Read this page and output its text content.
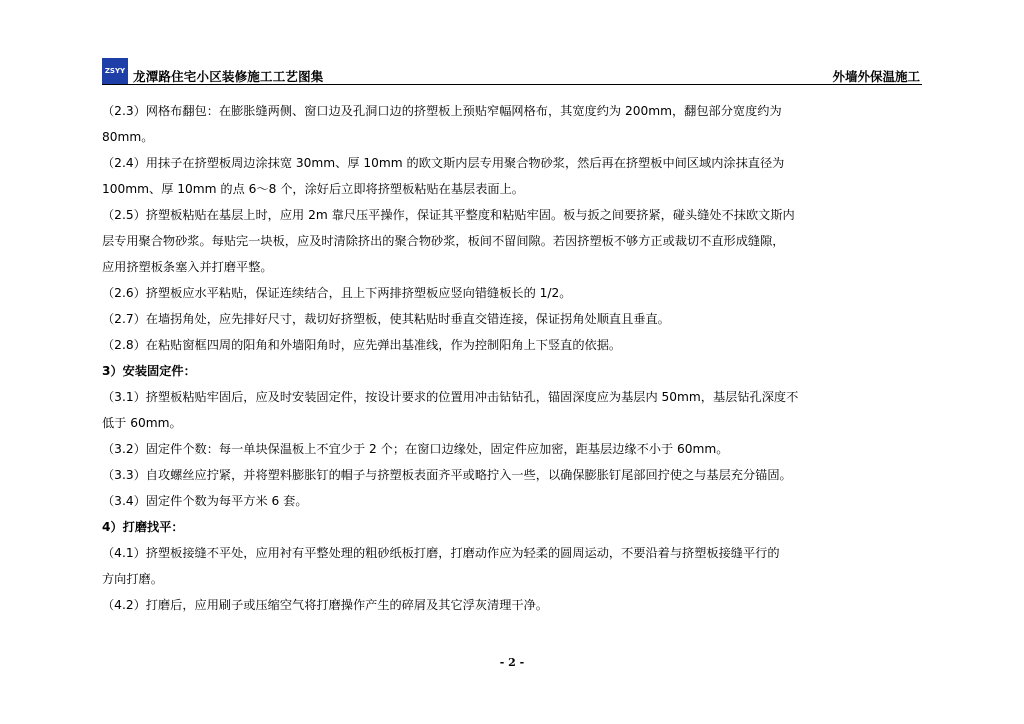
ZSYY 龙潭路住宅小区装修施工工艺图集	外墙外保温施工
（2.3）网格布翻包：在膨胀缝两侧、窗口边及孔洞口边的挤塑板上预贴窄幅网格布，其宽度约为 200mm，翻包部分宽度约为
80mm。
（2.4）用抹子在挤塑板周边涂抹宽 30mm、厚 10mm 的欧文斯内层专用聚合物砂浆，然后再在挤塑板中间区域内涂抹直径为
100mm、厚 10mm 的点 6～8 个，涂好后立即将挤塑板粘贴在基层表面上。
（2.5）挤塑板粘贴在基层上时，应用 2m 靠尺压平操作，保证其平整度和粘贴牢固。板与扳之间要挤紧，碰头缝处不抹欧文斯内
层专用聚合物砂浆。每贴完一块板，应及时清除挤出的聚合物砂浆，板间不留间隙。若因挤塑板不够方正或裁切不直形成缝隙，
应用挤塑板条塞入并打磨平整。
（2.6）挤塑板应水平粘贴，保证连续结合，且上下两排挤塑板应竖向错缝板长的 1/2。
（2.7）在墙拐角处，应先排好尺寸，裁切好挤塑板，使其粘贴时垂直交错连接，保证拐角处顺直且垂直。
（2.8）在粘贴窗框四周的阳角和外墙阳角时，应先弹出基准线，作为控制阳角上下竖直的依据。
3）安装固定件：
（3.1）挤塑板粘贴牢固后，应及时安装固定件，按设计要求的位置用冲击钻钻孔，锚固深度应为基层内 50mm，基层钻孔深度不
低于 60mm。
（3.2）固定件个数：每一单块保温板上不宜少于 2 个；在窗口边缘处，固定件应加密，距基层边缘不小于 60mm。
（3.3）自攻螺丝应拧紧，并将塑料膨胀钉的帽子与挤塑板表面齐平或略拧入一些，以确保膨胀钉尾部回拧使之与基层充分锚固。
（3.4）固定件个数为每平方米 6 套。
4）打磨找平：
（4.1）挤塑板接缝不平处，应用衬有平整处理的粗砂纸板打磨，打磨动作应为轻柔的圆周运动，不要沿着与挤塑板接缝平行的
方向打磨。
（4.2）打磨后，应用刷子或压缩空气将打磨操作产生的碎屑及其它浮灰清理干净。
- 2 -
